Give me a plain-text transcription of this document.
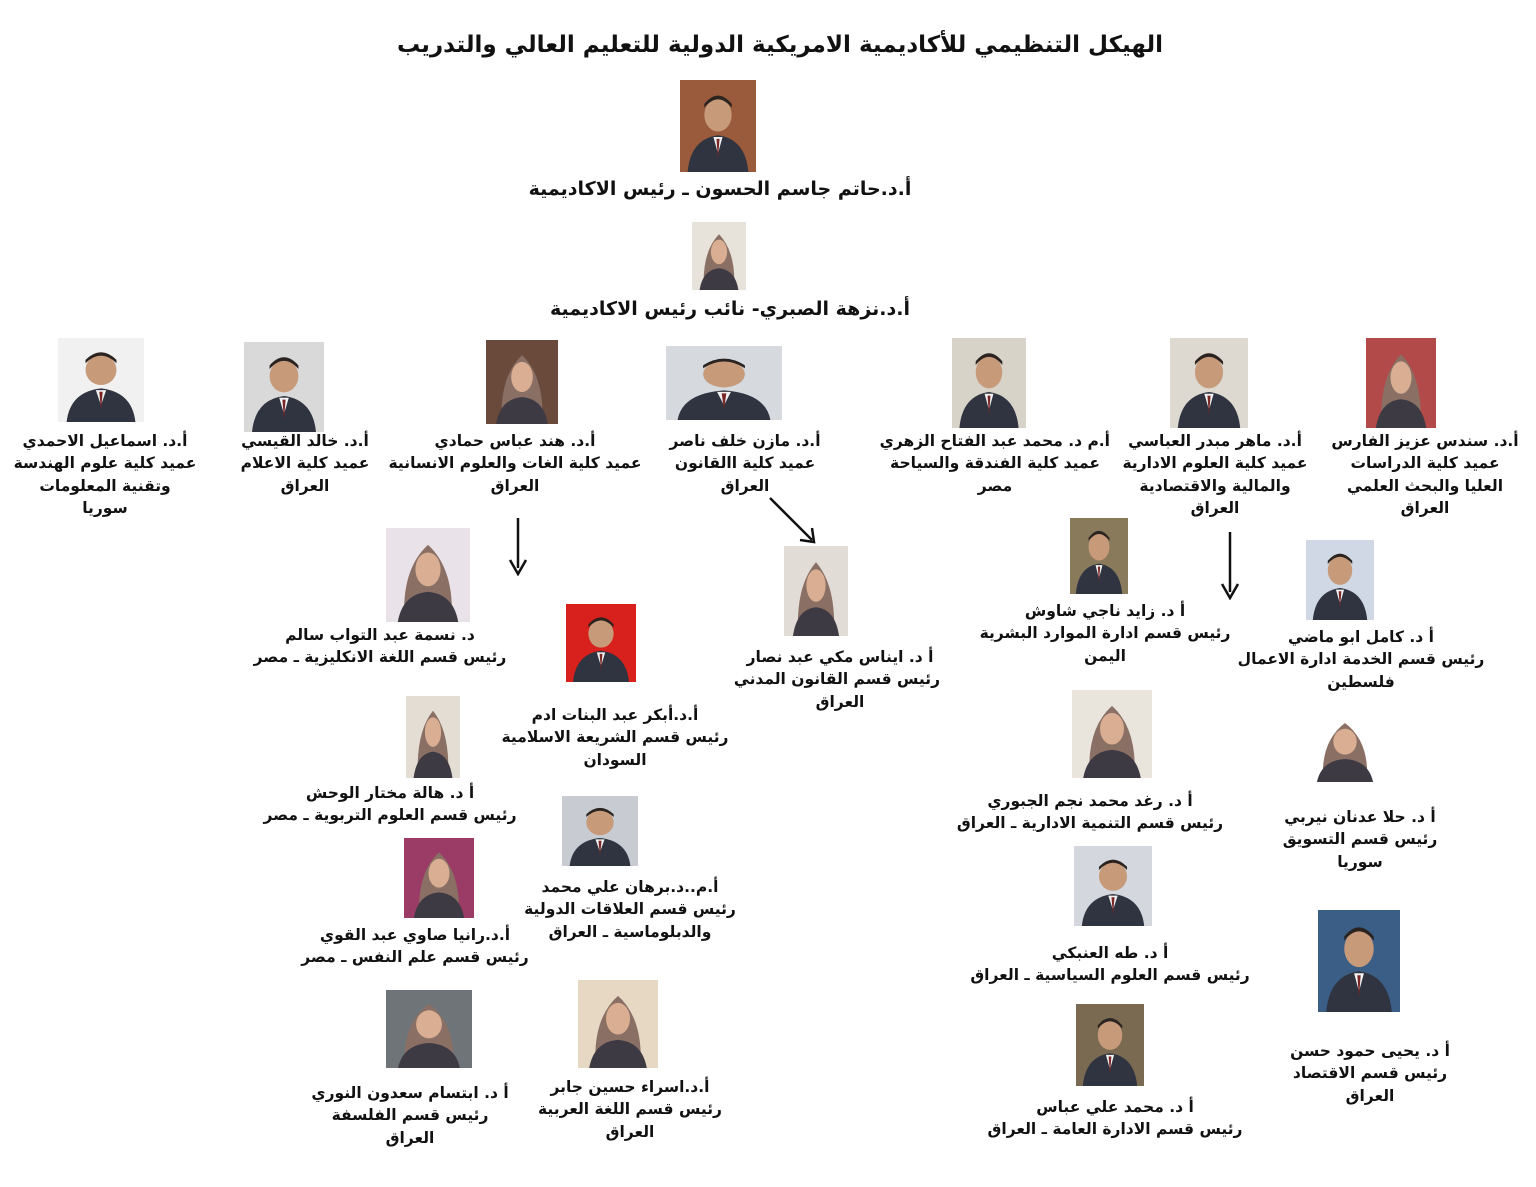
الهيكل التنظيمي للأكاديمية الامريكية الدولية للتعليم العالي والتدريب
أ.د.حاتم جاسم الحسون ـ رئيس الاكاديمية
أ.د.نزهة الصبري- نائب رئيس الاكاديمية
أ.د. سندس عزيز الفارس
عميد كلية الدراسات
العليا والبحث العلمي
العراق
أ.د. ماهر مبدر العباسي
عميد كلية العلوم الادارية
والمالية والاقتصادية
العراق
أ.م د. محمد عبد الفتاح الزهري
عميد كلية الفندقة والسياحة
مصر
أ.د. مازن خلف ناصر
عميد كلية االقانون
العراق
أ.د. هند عباس حمادي
عميد كلية الغات والعلوم الانسانية
العراق
أ.د. خالد القيسي
عميد كلية الاعلام
العراق
أ.د. اسماعيل الاحمدي
عميد كلية علوم الهندسة
وتقنية المعلومات
سوريا
أ د. كامل ابو ماضي
رئيس قسم الخدمة ادارة الاعمال
فلسطين
أ د. حلا عدنان نيربي
رئيس قسم التسويق
سوريا
أ د. يحيى حمود حسن
رئيس قسم الاقتصاد
العراق
أ د. زايد ناجي شاوش
رئيس قسم ادارة الموارد البشرية
اليمن
أ د. رغد محمد نجم الجبوري
رئيس قسم التنمية الادارية ـ العراق
أ د. طه العنبكي
رئيس قسم العلوم السياسية ـ العراق
أ د. محمد علي عباس
رئيس قسم الادارة العامة ـ العراق
أ د. ايناس مكي عبد نصار
رئيس قسم القانون المدني
العراق
أ.د.أبكر عبد البنات ادم
رئيس قسم الشريعة الاسلامية
السودان
أ.م..د.برهان علي محمد
رئيس قسم العلاقات الدولية
والدبلوماسية ـ العراق
أ.د.اسراء حسين جابر
رئيس قسم اللغة العربية
العراق
د. نسمة عبد التواب سالم
رئيس قسم اللغة الانكليزية ـ مصر
أ د. هالة مختار الوحش
رئيس قسم العلوم التربوية ـ مصر
أ.د.رانيا صاوي عبد القوي
رئيس قسم علم النفس ـ مصر
أ د. ابتسام سعدون النوري
رئيس قسم الفلسفة
العراق
